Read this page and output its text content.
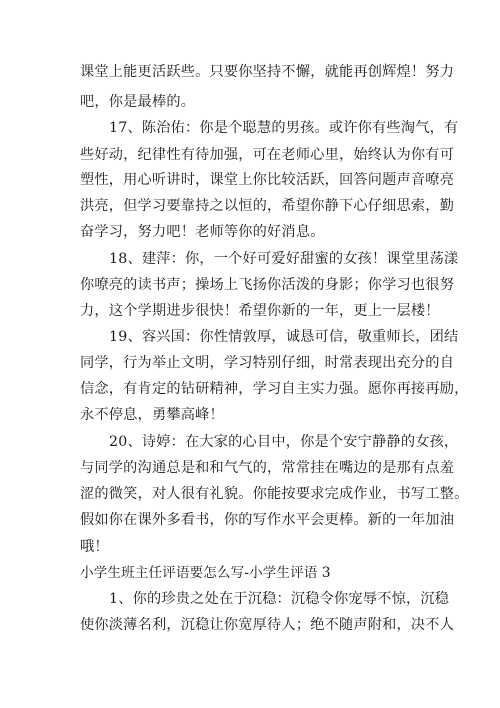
课堂上能更活跃些。只要你坚持不懈，就能再创辉煌！努力
吧，你是最棒的。
17、陈治佑：你是个聪慧的男孩。或许你有些淘气，有
些好动，纪律性有待加强，可在老师心里，始终认为你有可
塑性，用心听讲时，课堂上你比较活跃，回答问题声音嘹亮
洪亮，但学习要靠持之以恒的，希望你静下心仔细思索，勤
奋学习，努力吧！老师等你的好消息。
18、建萍：你，一个好可爱好甜蜜的女孩！课堂里荡漾
你嘹亮的读书声；操场上飞扬你活泼的身影；你学习也很努
力，这个学期进步很快！希望你新的一年，更上一层楼！
19、容兴国：你性情敦厚，诚恳可信，敬重师长，团结
同学，行为举止文明，学习特别仔细，时常表现出充分的自
信念，有肯定的钻研精神，学习自主实力强。愿你再接再励，
永不停息，勇攀高峰！
20、诗婷：在大家的心目中，你是个安宁静静的女孩，
与同学的沟通总是和和气气的，常常挂在嘴边的是那有点羞
涩的微笑，对人很有礼貌。你能按要求完成作业，书写工整。
假如你在课外多看书，你的写作水平会更棒。新的一年加油
哦！
小学生班主任评语要怎么写-小学生评语 3
1、你的珍贵之处在于沉稳：沉稳令你宠辱不惊，沉稳
使你淡薄名利，沉稳让你宽厚待人；绝不随声附和，决不人
